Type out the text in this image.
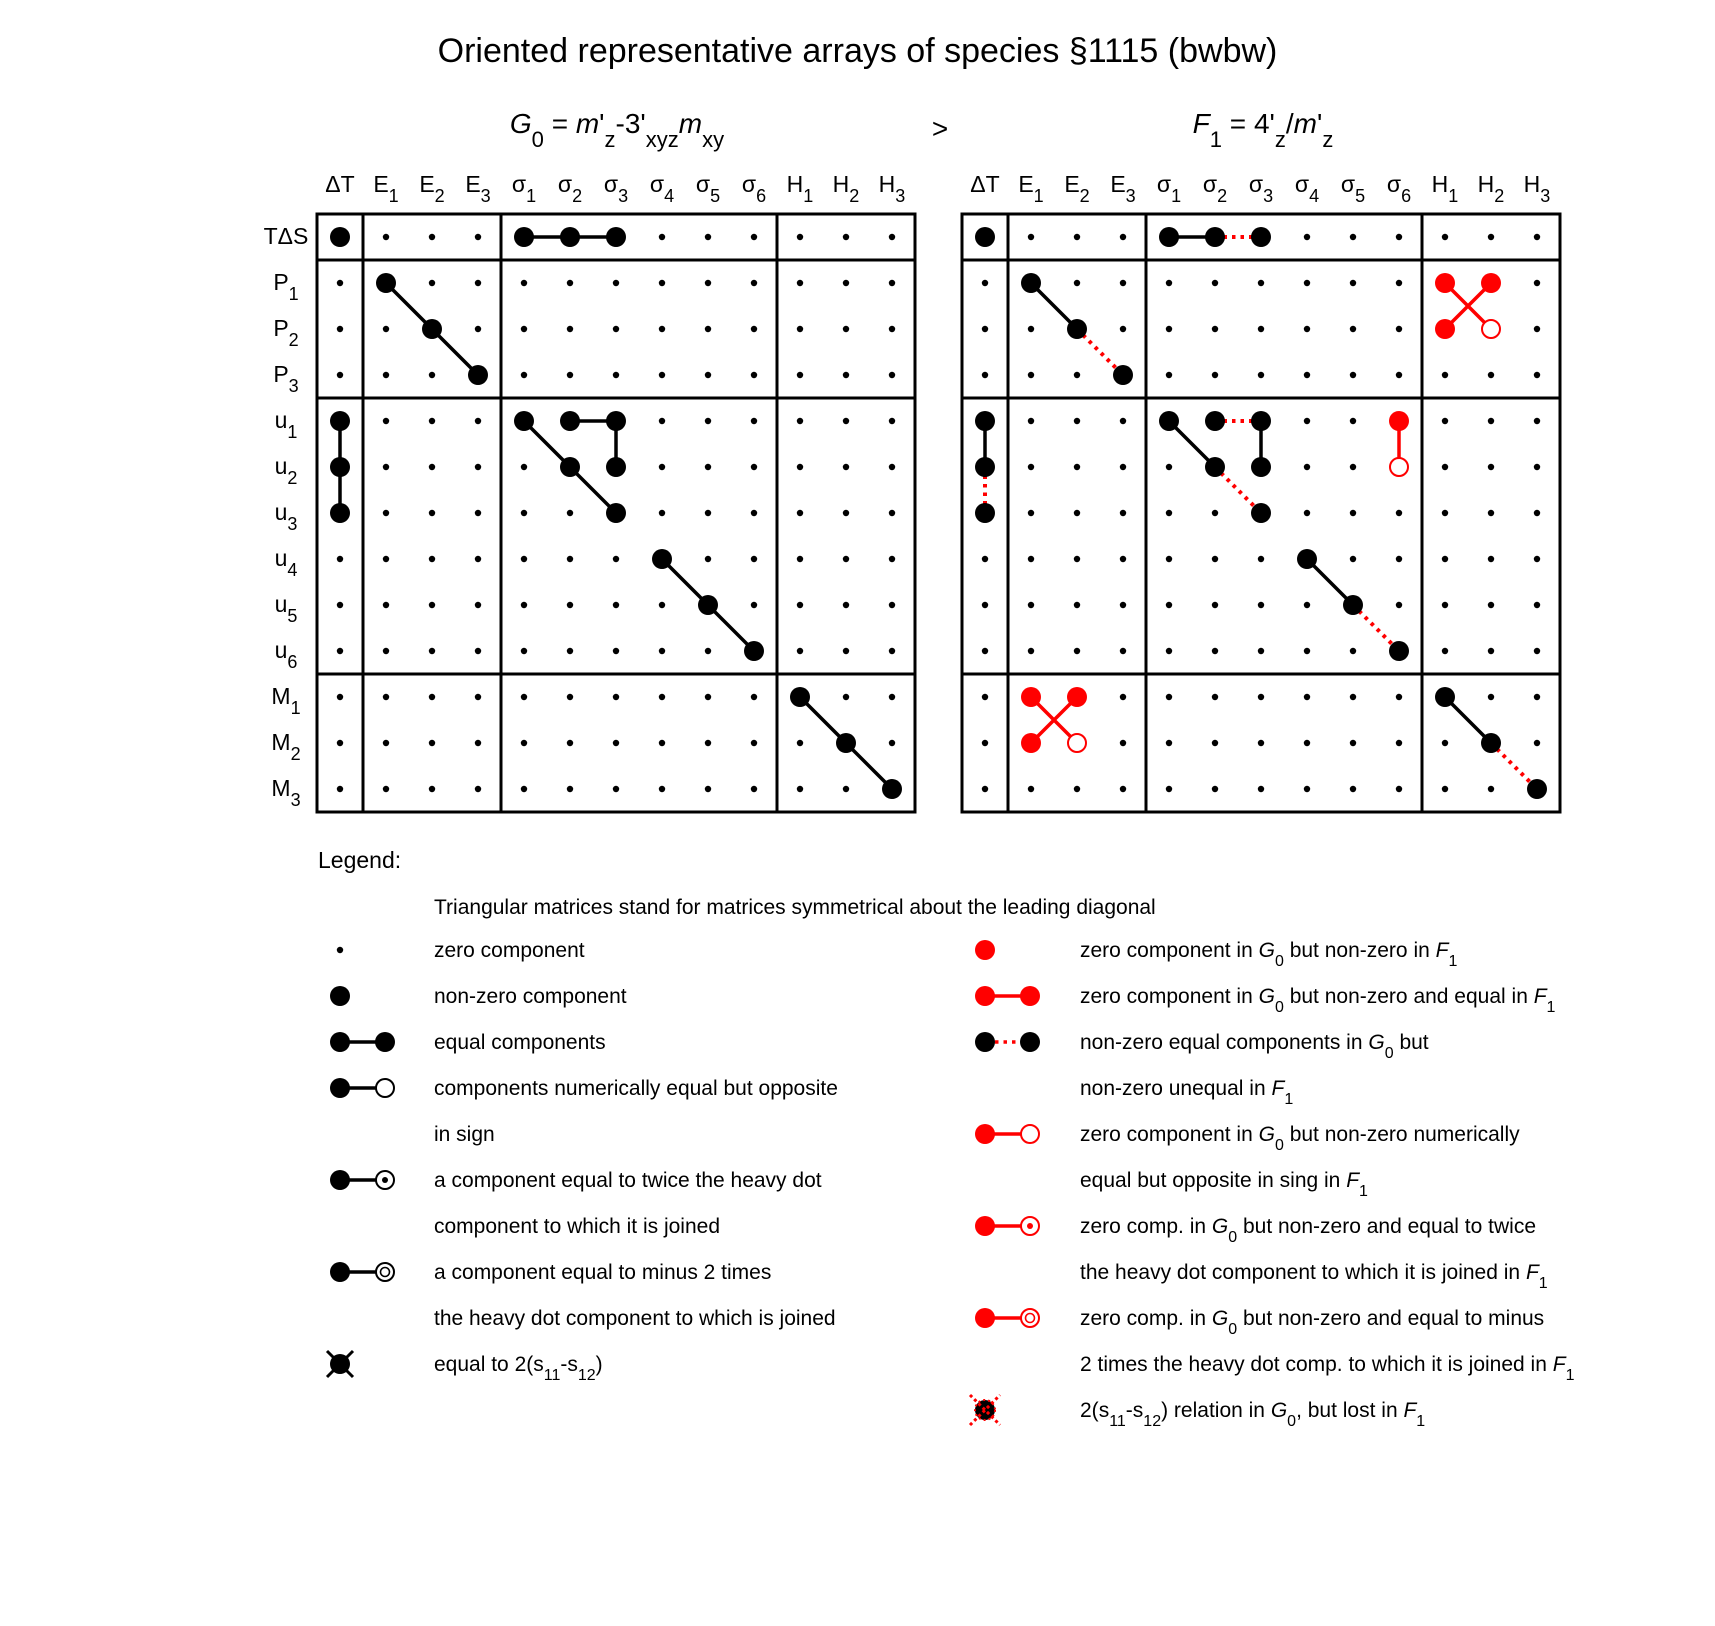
Oriented representative arrays of species §1115 (bwbw)
$G_0 = m'_z-3'_{xyz}m_{xy}$
$F_1 = 4'_z/m'_z$
>
ΔT $E_1$ $E_2$ $E_3$ $\sigma_1$ $\sigma_2$ $\sigma_3$ $\sigma_4$ $\sigma_5$ $\sigma_6$ $H_1$ $H_2$ $H_3$
TΔS
$P_1$
$P_2$
$P_3$
$u_1$
$u_2$
$u_3$
$u_4$
$u_5$
$u_6$
$M_1$
$M_2$
$M_3$
ΔT $E_1$ $E_2$ $E_3$ $\sigma_1$ $\sigma_2$ $\sigma_3$ $\sigma_4$ $\sigma_5$ $\sigma_6$ $H_1$ $H_2$ $H_3$
Legend:
Triangular matrices stand for matrices symmetrical about the leading diagonal
zero component
non-zero component
equal components
components numerically equal but opposite
in sign
a component equal to twice the heavy dot
component to which it is joined
a component equal to minus 2 times
the heavy dot component to which is joined
equal to $2(s_{11}-s_{12})$
zero component in $G_0$ but non-zero in $F_1$
zero component in $G_0$ but non-zero and equal in $F_1$
non-zero equal components in $G_0$ but
non-zero unequal in $F_1$
zero component in $G_0$ but non-zero numerically
equal but opposite in sing in $F_1$
zero comp. in $G_0$ but non-zero and equal to twice
the heavy dot component to which it is joined in $F_1$
zero comp. in $G_0$ but non-zero and equal to minus
2 times the heavy dot comp. to which it is joined in $F_1$
$2(s_{11}-s_{12})$ relation in $G_0$, but lost in $F_1$
